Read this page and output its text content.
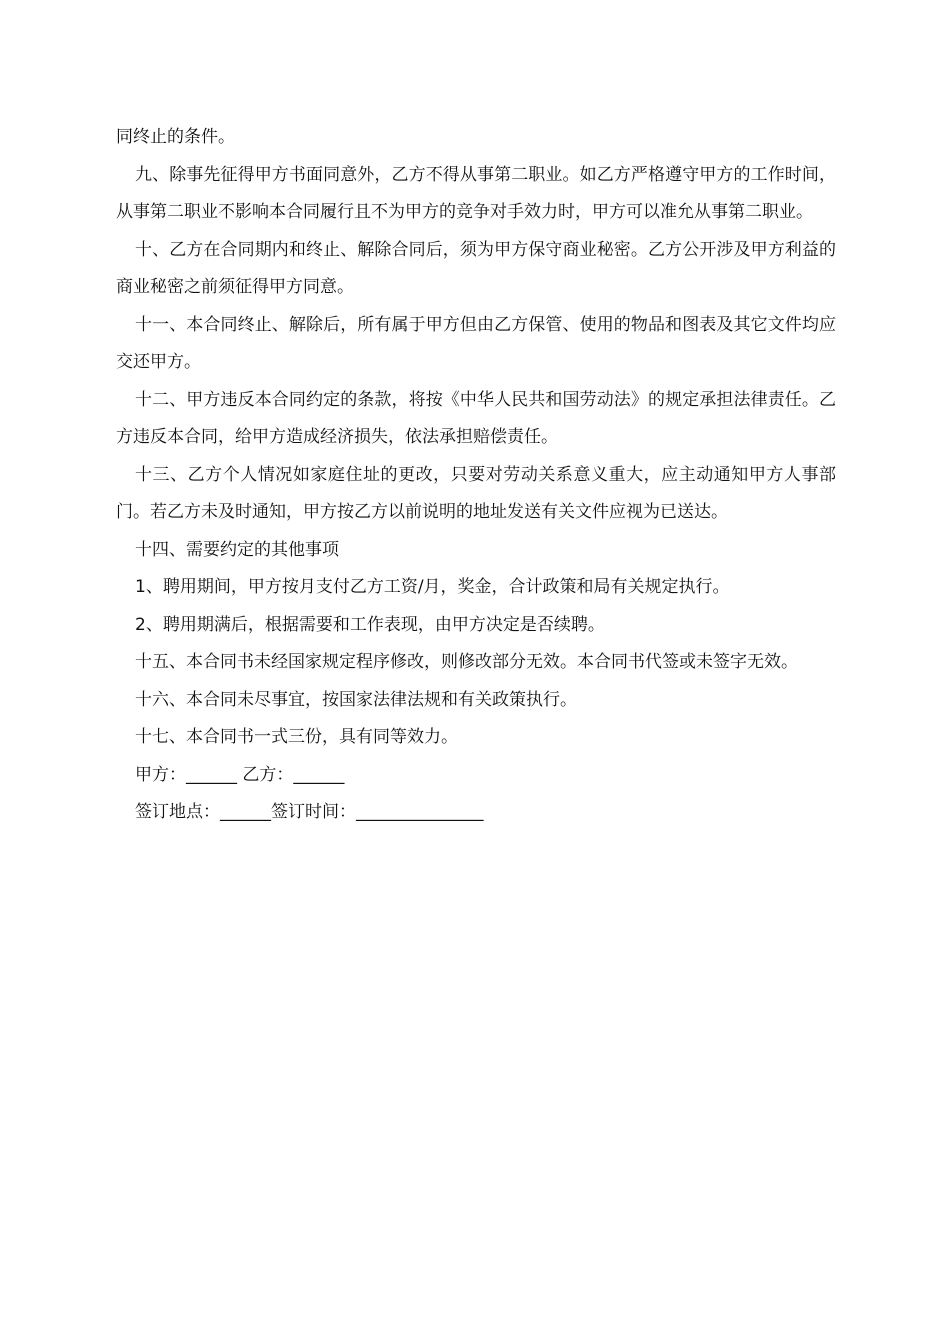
同终止的条件。

九、除事先征得甲方书面同意外，乙方不得从事第二职业。如乙方严格遵守甲方的工作时间，从事第二职业不影响本合同履行且不为甲方的竞争对手效力时，甲方可以准允从事第二职业。

十、乙方在合同期内和终止、解除合同后，须为甲方保守商业秘密。乙方公开涉及甲方利益的商业秘密之前须征得甲方同意。

十一、本合同终止、解除后，所有属于甲方但由乙方保管、使用的物品和图表及其它文件均应交还甲方。

十二、甲方违反本合同约定的条款，将按《中华人民共和国劳动法》的规定承担法律责任。乙方违反本合同，给甲方造成经济损失，依法承担赔偿责任。

十三、乙方个人情况如家庭住址的更改，只要对劳动关系意义重大，应主动通知甲方人事部门。若乙方未及时通知，甲方按乙方以前说明的地址发送有关文件应视为已送达。

十四、需要约定的其他事项

1、聘用期间，甲方按月支付乙方工资/月，奖金，合计政策和局有关规定执行。

2、聘用期满后，根据需要和工作表现，由甲方决定是否续聘。

十五、本合同书未经国家规定程序修改，则修改部分无效。本合同书代签或未签字无效。

十六、本合同未尽事宜，按国家法律法规和有关政策执行。

十七、本合同书一式三份，具有同等效力。

甲方：______ 乙方：______

签订地点：______签订时间：_______________
